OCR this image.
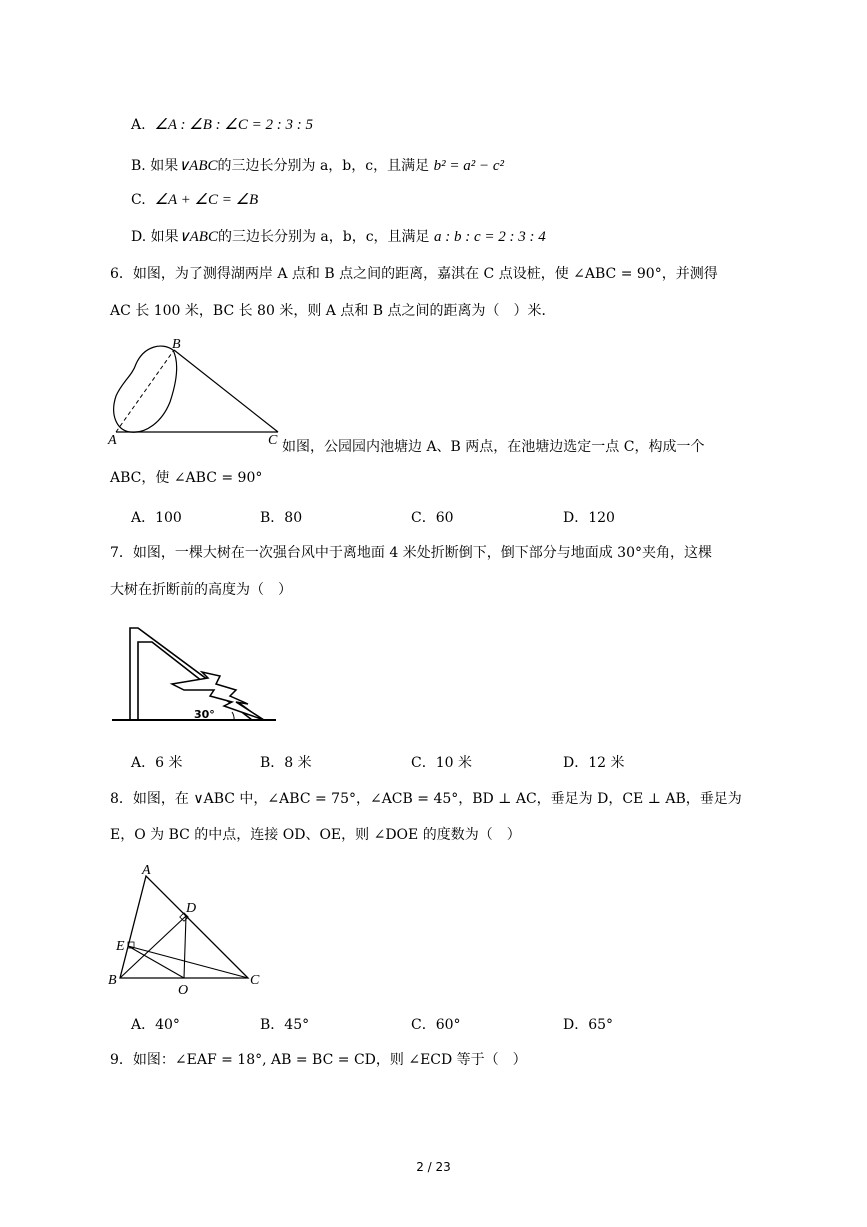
A. ∠A : ∠B : ∠C = 2 : 3 : 5
B. 如果∨ABC的三边长分别为 a，b，c，且满足 b² = a² − c²
C. ∠A + ∠C = ∠B
D. 如果∨ABC的三边长分别为 a，b，c，且满足 a : b : c = 2 : 3 : 4
6．如图，为了测得湖两岸 A 点和 B 点之间的距离，嘉淇在 C 点设桩，使 ∠ABC = 90°，并测得
AC 长 100 米，BC 长 80 米，则 A 点和 B 点之间的距离为（　）米．
B
A	C 如图，公园园内池塘边 A、B 两点，在池塘边选定一点 C，构成一个
ABC，使 ∠ABC = 90°
A．100	B．80	C．60	D．120
7．如图，一棵大树在一次强台风中于离地面 4 米处折断倒下，倒下部分与地面成 30°夹角，这棵
大树在折断前的高度为（　）
30°
A．6 米	B．8 米	C．10 米	D．12 米
8．如图，在 ∨ABC 中，∠ABC = 75°，∠ACB = 45°，BD ⊥ AC，垂足为 D，CE ⊥ AB，垂足为
E，O 为 BC 的中点，连接 OD、OE，则 ∠DOE 的度数为（　）
A
D
E
B
O
C
A．40°	B．45°	C．60°	D．65°
9．如图：∠EAF = 18°, AB = BC = CD，则 ∠ECD 等于（　）
2 / 23
